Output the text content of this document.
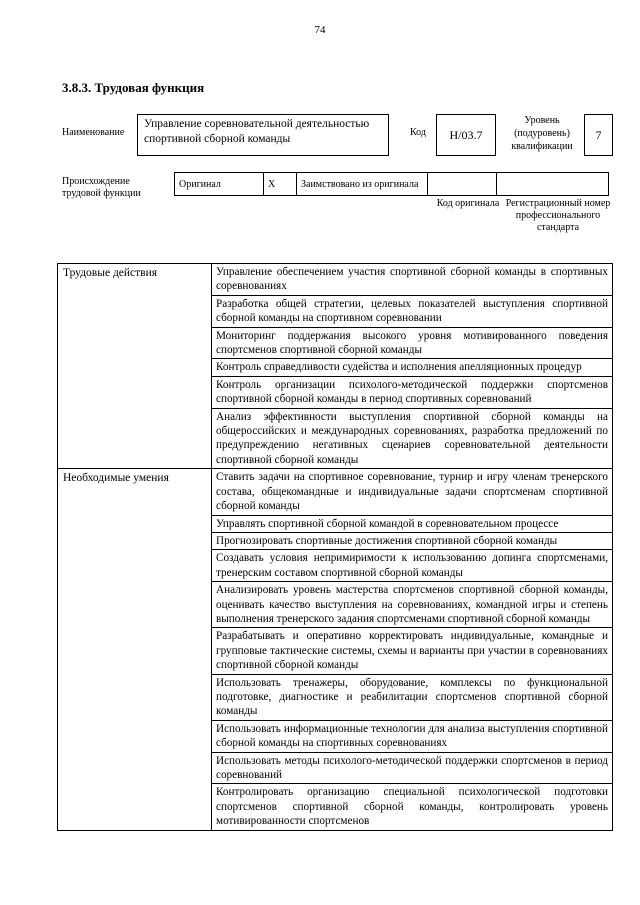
74
3.8.3. Трудовая функция
Наименование
Управление соревновательной деятельностью спортивной сборной команды
Код	Н/03.7
Уровень (подуровень) квалификации
7
Происхождение трудовой функции
Оригинал	X	Заимствовано из оригинала		
Код оригинала Регистрационный номер профессионального стандарта
Трудовые действия	Управление обеспечением участия спортивной сборной команды в спортивных соревнованиях
	Разработка общей стратегии, целевых показателей выступления спортивной сборной команды на спортивном соревновании
	Мониторинг поддержания высокого уровня мотивированного поведения спортсменов спортивной сборной команды
	Контроль справедливости судейства и исполнения апелляционных процедур
	Контроль организации психолого-методической поддержки спортсменов спортивной сборной команды в период спортивных соревнований
	Анализ эффективности выступления спортивной сборной команды на общероссийских и международных соревнованиях, разработка предложений по предупреждению негативных сценариев соревновательной деятельности спортивной сборной команды
Необходимые умения	Ставить задачи на спортивное соревнование, турнир и игру членам тренерского состава, общекомандные и индивидуальные задачи спортсменам спортивной сборной команды
	Управлять спортивной сборной командой в соревновательном процессе
	Прогнозировать спортивные достижения спортивной сборной команды
	Создавать условия непримиримости к использованию допинга спортсменами, тренерским составом спортивной сборной команды
	Анализировать уровень мастерства спортсменов спортивной сборной команды, оценивать качество выступления на соревнованиях, командной игры и степень выполнения тренерского задания спортсменами спортивной сборной команды
	Разрабатывать и оперативно корректировать индивидуальные, командные и групповые тактические системы, схемы и варианты при участии в соревнованиях спортивной сборной команды
	Использовать тренажеры, оборудование, комплексы по функциональной подготовке, диагностике и реабилитации спортсменов спортивной сборной команды
	Использовать информационные технологии для анализа выступления спортивной сборной команды на спортивных соревнованиях
	Использовать методы психолого-методической поддержки спортсменов в период соревнований
	Контролировать организацию специальной психологической подготовки спортсменов спортивной сборной команды, контролировать уровень мотивированности спортсменов
